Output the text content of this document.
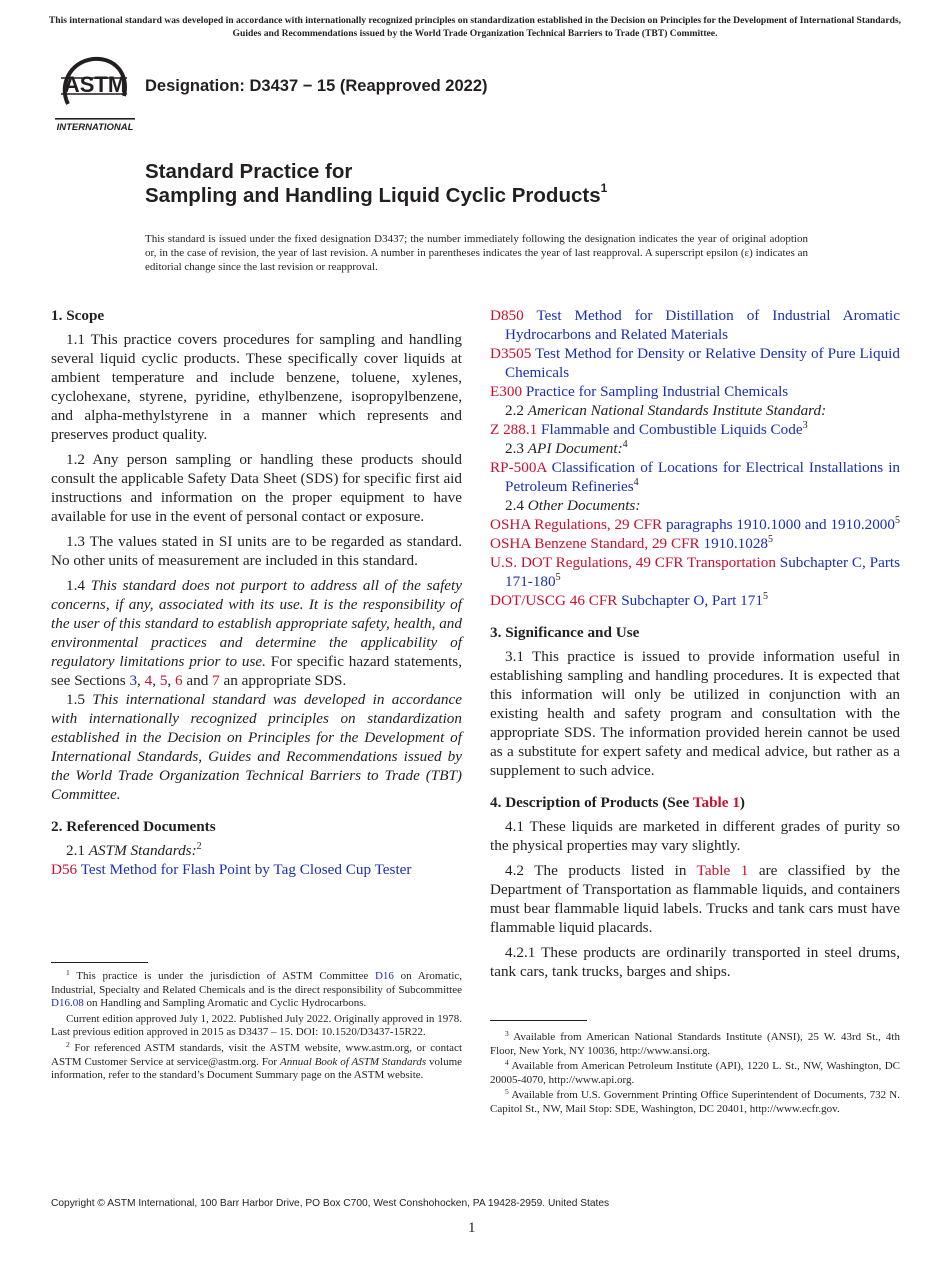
This international standard was developed in accordance with internationally recognized principles on standardization established in the Decision on Principles for the Development of International Standards, Guides and Recommendations issued by the World Trade Organization Technical Barriers to Trade (TBT) Committee.
ASTM
INTERNATIONAL
Designation: D3437 − 15 (Reapproved 2022)
Standard Practice for
Sampling and Handling Liquid Cyclic Products$^1$
This standard is issued under the fixed designation D3437; the number immediately following the designation indicates the year of original adoption or, in the case of revision, the year of last revision. A number in parentheses indicates the year of last reapproval. A superscript epsilon (ε) indicates an editorial change since the last revision or reapproval.

1. Scope

1.1 This practice covers procedures for sampling and handling several liquid cyclic products. These specifically cover liquids at ambient temperature and include benzene, toluene, xylenes, cyclohexane, styrene, pyridine, ethylbenzene, isopropylbenzene, and alpha-methylstyrene in a manner which represents and preserves product quality.

1.2 Any person sampling or handling these products should consult the applicable Safety Data Sheet (SDS) for specific first aid instructions and information on the proper equipment to have available for use in the event of personal contact or exposure.

1.3 The values stated in SI units are to be regarded as standard. No other units of measurement are included in this standard.

1.4 This standard does not purport to address all of the safety concerns, if any, associated with its use. It is the responsibility of the user of this standard to establish appropriate safety, health, and environmental practices and determine the applicability of regulatory limitations prior to use. For specific hazard statements, see Sections 3, 4, 5, 6 and 7 an appropriate SDS.

1.5 This international standard was developed in accordance with internationally recognized principles on standardization established in the Decision on Principles for the Development of International Standards, Guides and Recommendations issued by the World Trade Organization Technical Barriers to Trade (TBT) Committee.

2. Referenced Documents

2.1 ASTM Standards:$^2$

D56 Test Method for Flash Point by Tag Closed Cup Tester

$^1$ This practice is under the jurisdiction of ASTM Committee D16 on Aromatic, Industrial, Specialty and Related Chemicals and is the direct responsibility of Subcommittee D16.08 on Handling and Sampling Aromatic and Cyclic Hydrocarbons.

Current edition approved July 1, 2022. Published July 2022. Originally approved in 1978. Last previous edition approved in 2015 as D3437 – 15. DOI: 10.1520/D3437-15R22.

$^2$ For referenced ASTM standards, visit the ASTM website, www.astm.org, or contact ASTM Customer Service at service@astm.org. For Annual Book of ASTM Standards volume information, refer to the standard’s Document Summary page on the ASTM website.

D850 Test Method for Distillation of Industrial Aromatic Hydrocarbons and Related Materials

D3505 Test Method for Density or Relative Density of Pure Liquid Chemicals

E300 Practice for Sampling Industrial Chemicals

2.2 American National Standards Institute Standard:

Z 288.1 Flammable and Combustible Liquids Code$^3$

2.3 API Document:$^4$

RP-500A Classification of Locations for Electrical Installations in Petroleum Refineries$^4$

2.4 Other Documents:

OSHA Regulations, 29 CFR paragraphs 1910.1000 and 1910.2000$^5$

OSHA Benzene Standard, 29 CFR 1910.1028$^5$

U.S. DOT Regulations, 49 CFR Transportation Subchapter C, Parts $171-180^5$

DOT/USCG 46 CFR Subchapter O, Part $171^5$

3. Significance and Use

3.1 This practice is issued to provide information useful in establishing sampling and handling procedures. It is expected that this information will only be utilized in conjunction with an existing health and safety program and consultation with the appropriate SDS. The information provided herein cannot be used as a substitute for expert safety and medical advice, but rather as a supplement to such advice.

4. Description of Products (See Table 1)

4.1 These liquids are marketed in different grades of purity so the physical properties may vary slightly.

4.2 The products listed in Table 1 are classified by the Department of Transportation as flammable liquids, and containers must bear flammable liquid labels. Trucks and tank cars must have flammable liquid placards.

4.2.1 These products are ordinarily transported in steel drums, tank cars, tank trucks, barges and ships.

$^3$ Available from American National Standards Institute (ANSI), 25 W. 43rd St., 4th Floor, New York, NY 10036, http://www.ansi.org.

$^4$ Available from American Petroleum Institute (API), 1220 L. St., NW, Washington, DC 20005-4070, http://www.api.org.

$^5$ Available from U.S. Government Printing Office Superintendent of Documents, 732 N. Capitol St., NW, Mail Stop: SDE, Washington, DC 20401, http://www.ecfr.gov.

Copyright © ASTM International, 100 Barr Harbor Drive, PO Box C700, West Conshohocken, PA 19428-2959. United States
1
